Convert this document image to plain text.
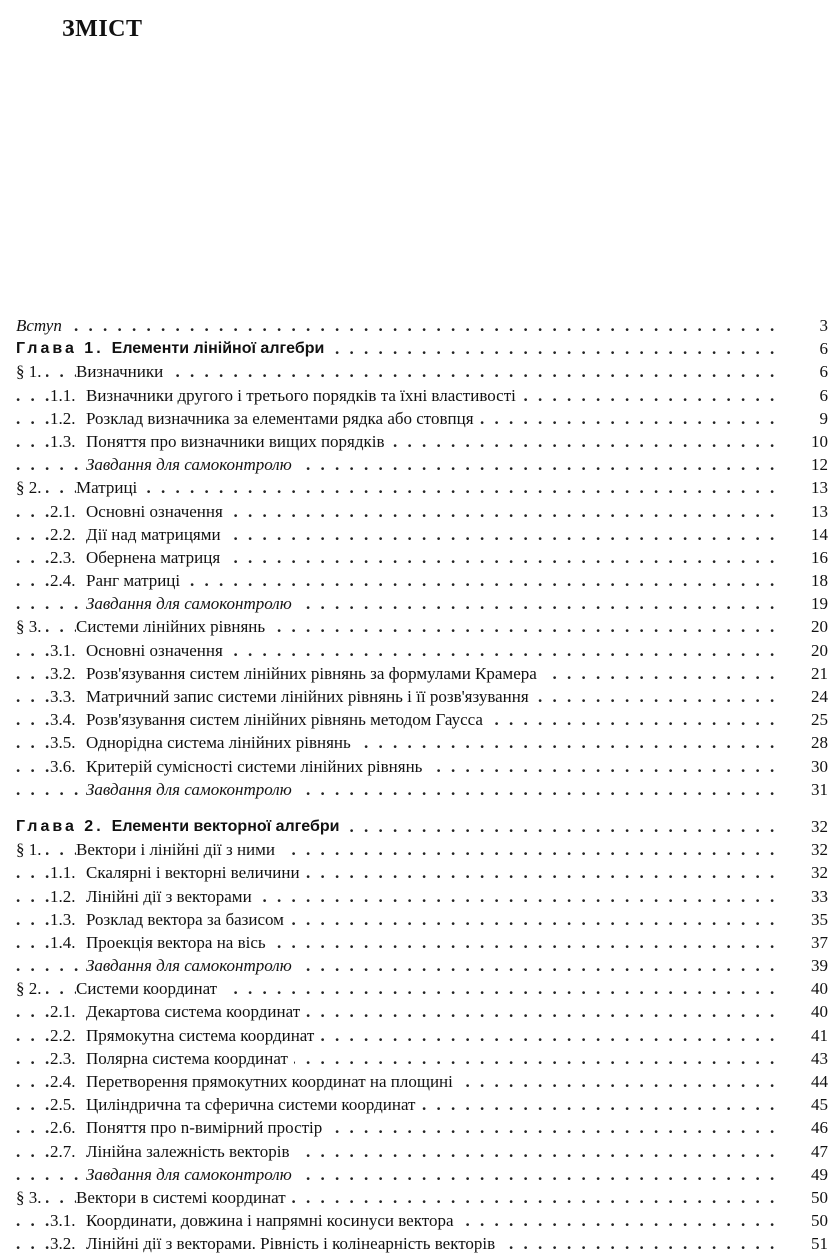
ЗМІСТ
. . .
Вступ	3
. . .
Глава 1. Елементи лінійної алгебри	6
. . .
§ 1. Визначники	6
. . .
1.1. Визначники другого і третього порядків та їхні властивості	6
. . .
1.2. Розклад визначника за елементами рядка або стовпця	9
. . .
1.3. Поняття про визначники вищих порядків	10
. . .
Завдання для самоконтролю	12
. . .
§ 2. Матриці	13
. . .
2.1. Основні означення	13
. . .
2.2. Дії над матрицями	14
. . .
2.3. Обернена матриця	16
. . .
2.4. Ранг матриці	18
. . .
Завдання для самоконтролю	19
. . .
§ 3. Системи лінійних рівнянь	20
. . .
3.1. Основні означення	20
. . .
3.2. Розв'язування систем лінійних рівнянь за формулами Крамера	21
. . .
3.3. Матричний запис системи лінійних рівнянь і її розв'язування	24
. . .
3.4. Розв'язування систем лінійних рівнянь методом Гаусса	25
. . .
3.5. Однорідна система лінійних рівнянь	28
. . .
3.6. Критерій сумісності системи лінійних рівнянь	30
. . .
Завдання для самоконтролю	31
. . .
Глава 2. Елементи векторної алгебри	32
. . .
§ 1. Вектори і лінійні дії з ними	32
. . .
1.1. Скалярні і векторні величини	32
. . .
1.2. Лінійні дії з векторами	33
. . .
1.3. Розклад вектора за базисом	35
. . .
1.4. Проекція вектора на вісь	37
. . .
Завдання для самоконтролю	39
. . .
§ 2. Системи координат	40
. . .
2.1. Декартова система координат	40
. . .
2.2. Прямокутна система координат	41
. . .
2.3. Полярна система координат	43
. . .
2.4. Перетворення прямокутних координат на площині	44
. . .
2.5. Циліндрична та сферична системи координат	45
. . .
2.6. Поняття про n-вимірний простір	46
. . .
2.7. Лінійна залежність векторів	47
. . .
Завдання для самоконтролю	49
. . .
§ 3. Вектори в системі координат	50
. . .
3.1. Координати, довжина і напрямні косинуси вектора	50
. . .
3.2. Лінійні дії з векторами. Рівність і колінеарність векторів	51
